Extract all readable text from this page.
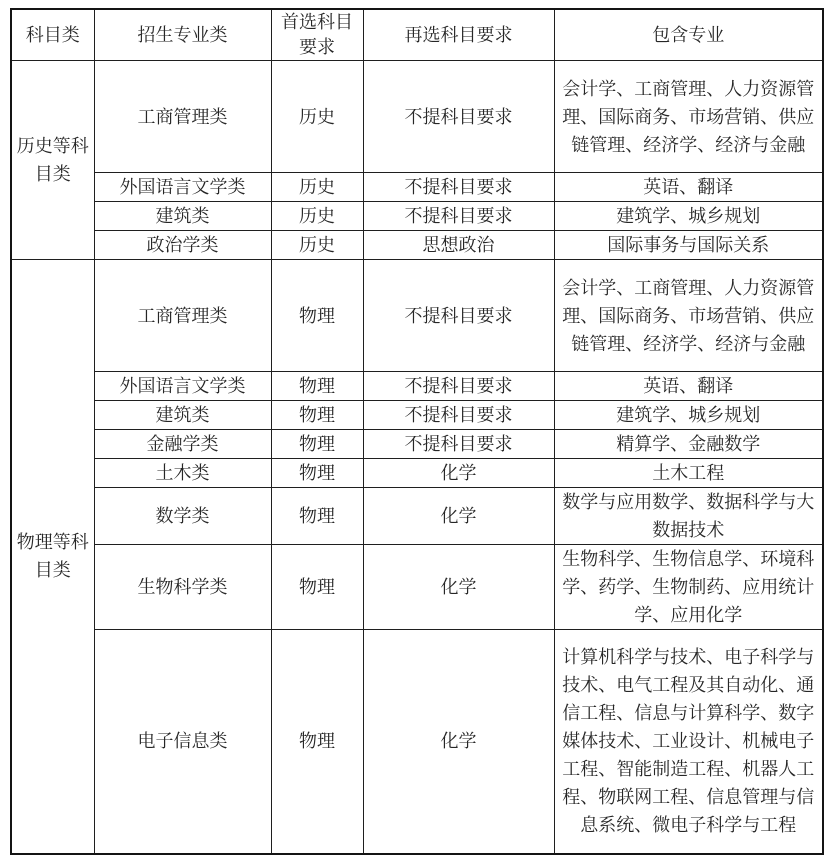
科目类	招生专业类	首选科目要求	再选科目要求	包含专业
历史等科目类	工商管理类	历史	不提科目要求	会计学、工商管理、人力资源管理、国际商务、市场营销、供应链管理、经济学、经济与金融
	外国语言文学类	历史	不提科目要求	英语、翻译
	建筑类	历史	不提科目要求	建筑学、城乡规划
	政治学类	历史	思想政治	国际事务与国际关系
物理等科目类	工商管理类	物理	不提科目要求	会计学、工商管理、人力资源管理、国际商务、市场营销、供应链管理、经济学、经济与金融
	外国语言文学类	物理	不提科目要求	英语、翻译
	建筑类	物理	不提科目要求	建筑学、城乡规划
	金融学类	物理	不提科目要求	精算学、金融数学
	土木类	物理	化学	土木工程
	数学类	物理	化学	数学与应用数学、数据科学与大数据技术
	生物科学类	物理	化学	生物科学、生物信息学、环境科学、药学、生物制药、应用统计学、应用化学
	电子信息类	物理	化学	计算机科学与技术、电子科学与技术、电气工程及其自动化、通信工程、信息与计算科学、数字媒体技术、工业设计、机械电子工程、智能制造工程、机器人工程、物联网工程、信息管理与信息系统、微电子科学与工程
